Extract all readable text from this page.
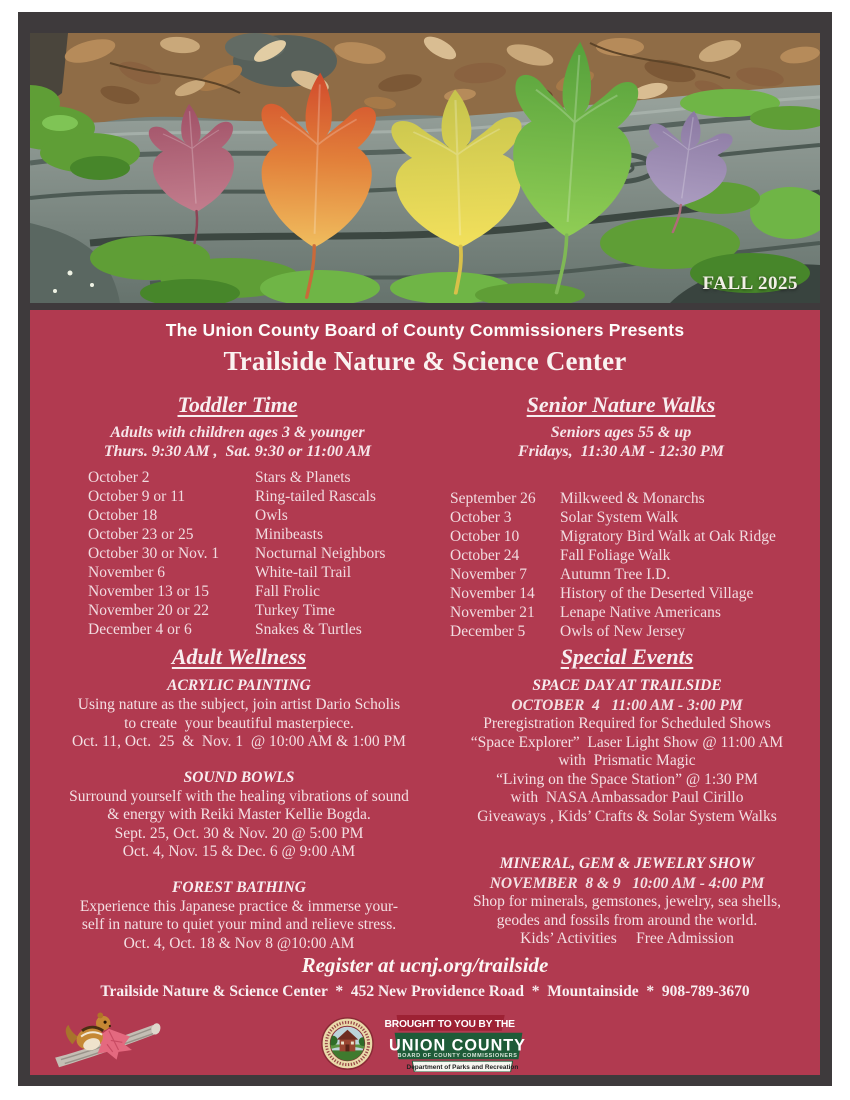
FALL 2025
The Union County Board of County Commissioners Presents
Trailside Nature & Science Center
Toddler Time
Adults with children ages 3 & younger
Thurs. 9:30 AM ,  Sat. 9:30 or 11:00 AM
October 2	Stars & Planets
October 9 or 11	Ring-tailed Rascals
October 18	Owls
October 23 or 25	Minibeasts
October 30 or Nov. 1	Nocturnal Neighbors
November 6	White-tail Trail
November 13 or 15	Fall Frolic
November 20 or 22	Turkey Time
December 4 or 6	Snakes & Turtles
Senior Nature Walks
Seniors ages 55 & up
Fridays,  11:30 AM - 12:30 PM
September 26	Milkweed & Monarchs
October 3	Solar System Walk
October 10	Migratory Bird Walk at Oak Ridge
October 24	Fall Foliage Walk
November 7	Autumn Tree I.D.
November 14	History of the Deserted Village
November 21	Lenape Native Americans
December 5	Owls of New Jersey
Adult Wellness
ACRYLIC PAINTING
Using nature as the subject, join artist Dario Scholis
to create  your beautiful masterpiece.
Oct. 11, Oct.  25  &  Nov. 1  @ 10:00 AM & 1:00 PM
SOUND BOWLS
Surround yourself with the healing vibrations of sound
& energy with Reiki Master Kellie Bogda.
Sept. 25, Oct. 30 & Nov. 20 @ 5:00 PM
Oct. 4, Nov. 15 & Dec. 6 @ 9:00 AM
FOREST BATHING
Experience this Japanese practice & immerse your-
self in nature to quiet your mind and relieve stress.
Oct. 4, Oct. 18 & Nov 8 @10:00 AM
Special Events
SPACE DAY AT TRAILSIDE
OCTOBER  4   11:00 AM - 3:00 PM
Preregistration Required for Scheduled Shows
“Space Explorer”  Laser Light Show @ 11:00 AM
with  Prismatic Magic
“Living on the Space Station” @ 1:30 PM
with  NASA Ambassador Paul Cirillo
Giveaways , Kids’ Crafts & Solar System Walks
MINERAL, GEM & JEWELRY SHOW
NOVEMBER  8 & 9   10:00 AM - 4:00 PM
Shop for minerals, gemstones, jewelry, sea shells,
geodes and fossils from around the world.
Kids’ Activities     Free Admission
Register at ucnj.org/trailside
Trailside Nature & Science Center  *  452 New Providence Road  *  Mountainside  *  908-789-3670
BROUGHT TO YOU BY THE
UNION COUNTY
BOARD OF COUNTY COMMISSIONERS
Department of Parks and Recreation
